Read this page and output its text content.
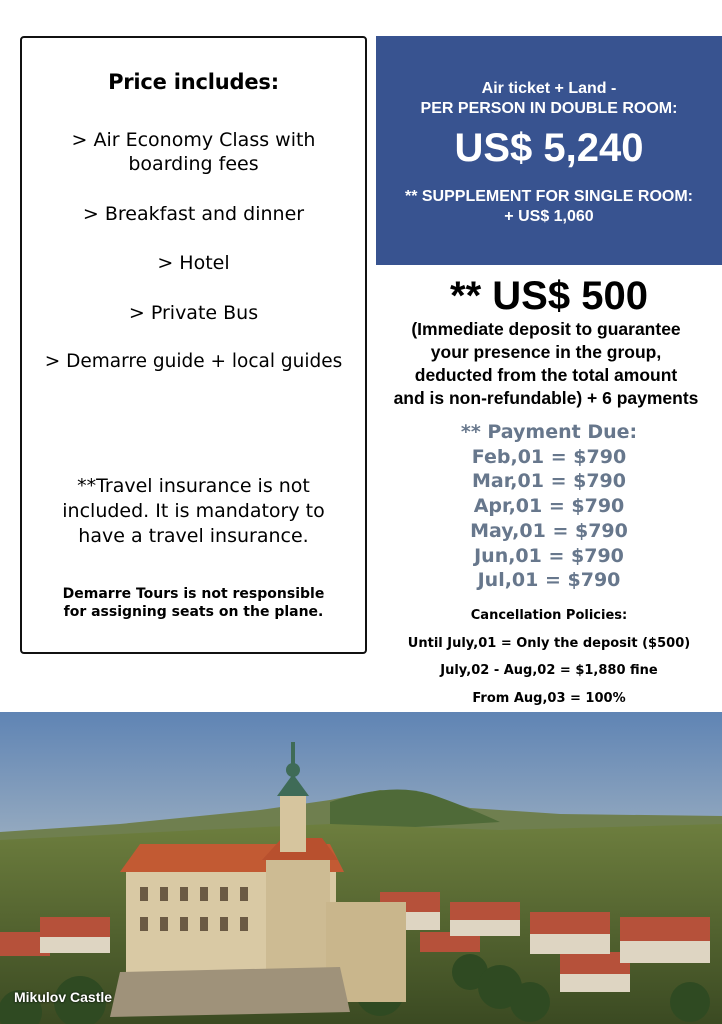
Price includes:
> Air Economy Class with boarding fees
> Breakfast and dinner
> Hotel
> Private Bus
> Demarre guide + local guides
**Travel insurance is not included. It is mandatory to have a travel insurance.
Demarre Tours is not responsible for assigning seats on the plane.
Air ticket + Land -
PER PERSON IN DOUBLE ROOM:
US$ 5,240
** SUPPLEMENT FOR SINGLE ROOM:
+ US$ 1,060
** US$ 500
(Immediate deposit to guarantee
your presence in the group,
deducted from the total amount
and is non-refundable) + 6 payments
** Payment Due:
Feb,01 = $790
Mar,01 = $790
Apr,01 = $790
May,01 = $790
Jun,01 = $790
Jul,01 = $790
Cancellation Policies:
Until July,01 = Only the deposit ($500)
July,02 - Aug,02 = $1,880 fine
From Aug,03 = 100%
Mikulov Castle
